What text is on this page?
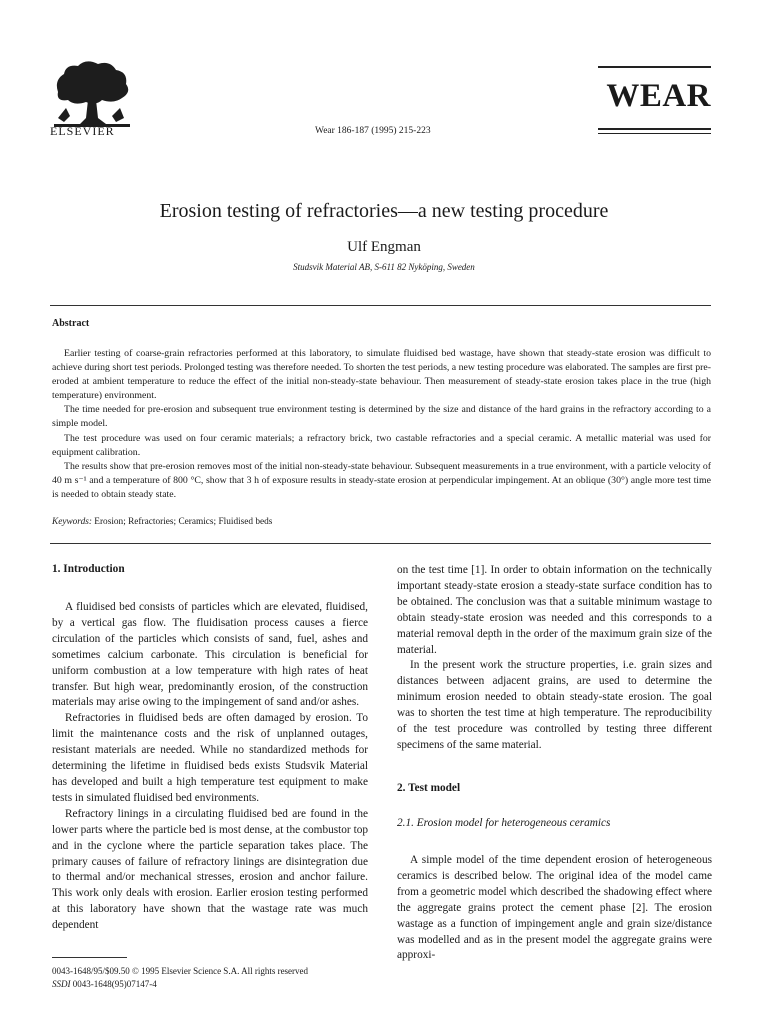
ELSEVIER	Wear 186-187 (1995) 215-223
WEAR
Erosion testing of refractories—a new testing procedure
Ulf Engman
Studsvik Material AB, S-611 82 Nyköping, Sweden
Abstract

Earlier testing of coarse-grain refractories performed at this laboratory, to simulate fluidised bed wastage, have shown that steady-state erosion was difficult to achieve during short test periods. Prolonged testing was therefore needed. To shorten the test periods, a new testing procedure was elaborated. The samples are first pre-eroded at ambient temperature to reduce the effect of the initial non-steady-state behaviour. Then measurement of steady-state erosion takes place in the true (high temperature) environment.

The time needed for pre-erosion and subsequent true environment testing is determined by the size and distance of the hard grains in the refractory according to a simple model.

The test procedure was used on four ceramic materials; a refractory brick, two castable refractories and a special ceramic. A metallic material was used for equipment calibration.

The results show that pre-erosion removes most of the initial non-steady-state behaviour. Subsequent measurements in a true environment, with a particle velocity of 40 m s⁻¹ and a temperature of 800 °C, show that 3 h of exposure results in steady-state erosion at perpendicular impingement. At an oblique (30°) angle more test time is needed to obtain steady state.

Keywords: Erosion; Refractories; Ceramics; Fluidised beds
1. Introduction

A fluidised bed consists of particles which are elevated, fluidised, by a vertical gas flow. The fluidisation process causes a fierce circulation of the particles which consists of sand, fuel, ashes and sometimes calcium carbonate. This circulation is beneficial for uniform combustion at a low temperature with high rates of heat transfer. But high wear, predominantly erosion, of the construction materials may arise owing to the impingement of sand and/or ashes.

Refractories in fluidised beds are often damaged by erosion. To limit the maintenance costs and the risk of unplanned outages, resistant materials are needed. While no standardized methods for determining the lifetime in fluidised beds exists Studsvik Material has developed and built a high temperature test equipment to make tests in simulated fluidised bed environments.

Refractory linings in a circulating fluidised bed are found in the lower parts where the particle bed is most dense, at the combustor top and in the cyclone where the particle separation takes place. The primary causes of failure of refractory linings are disintegration due to thermal and/or mechanical stresses, erosion and anchor failure. This work only deals with erosion. Earlier erosion testing performed at this laboratory have shown that the wastage rate was much dependent

on the test time [1]. In order to obtain information on the technically important steady-state erosion a steady-state surface condition has to be obtained. The conclusion was that a suitable minimum wastage to obtain steady-state erosion was needed and this corresponds to a material removal depth in the order of the maximum grain size of the material.

In the present work the structure properties, i.e. grain sizes and distances between adjacent grains, are used to determine the minimum erosion needed to obtain steady-state erosion. The goal was to shorten the test time at high temperature. The reproducibility of the test procedure was controlled by testing three different specimens of the same material.

2. Test model
2.1. Erosion model for heterogeneous ceramics

A simple model of the time dependent erosion of heterogeneous ceramics is described below. The original idea of the model came from a geometric model which described the shadowing effect where the aggregate grains protect the cement phase [2]. The erosion wastage as a function of impingement angle and grain size/distance was modelled and as in the present model the aggregate grains were approxi-

0043-1648/95/$09.50 © 1995 Elsevier Science S.A. All rights reserved
SSDI 0043-1648(95)07147-4
